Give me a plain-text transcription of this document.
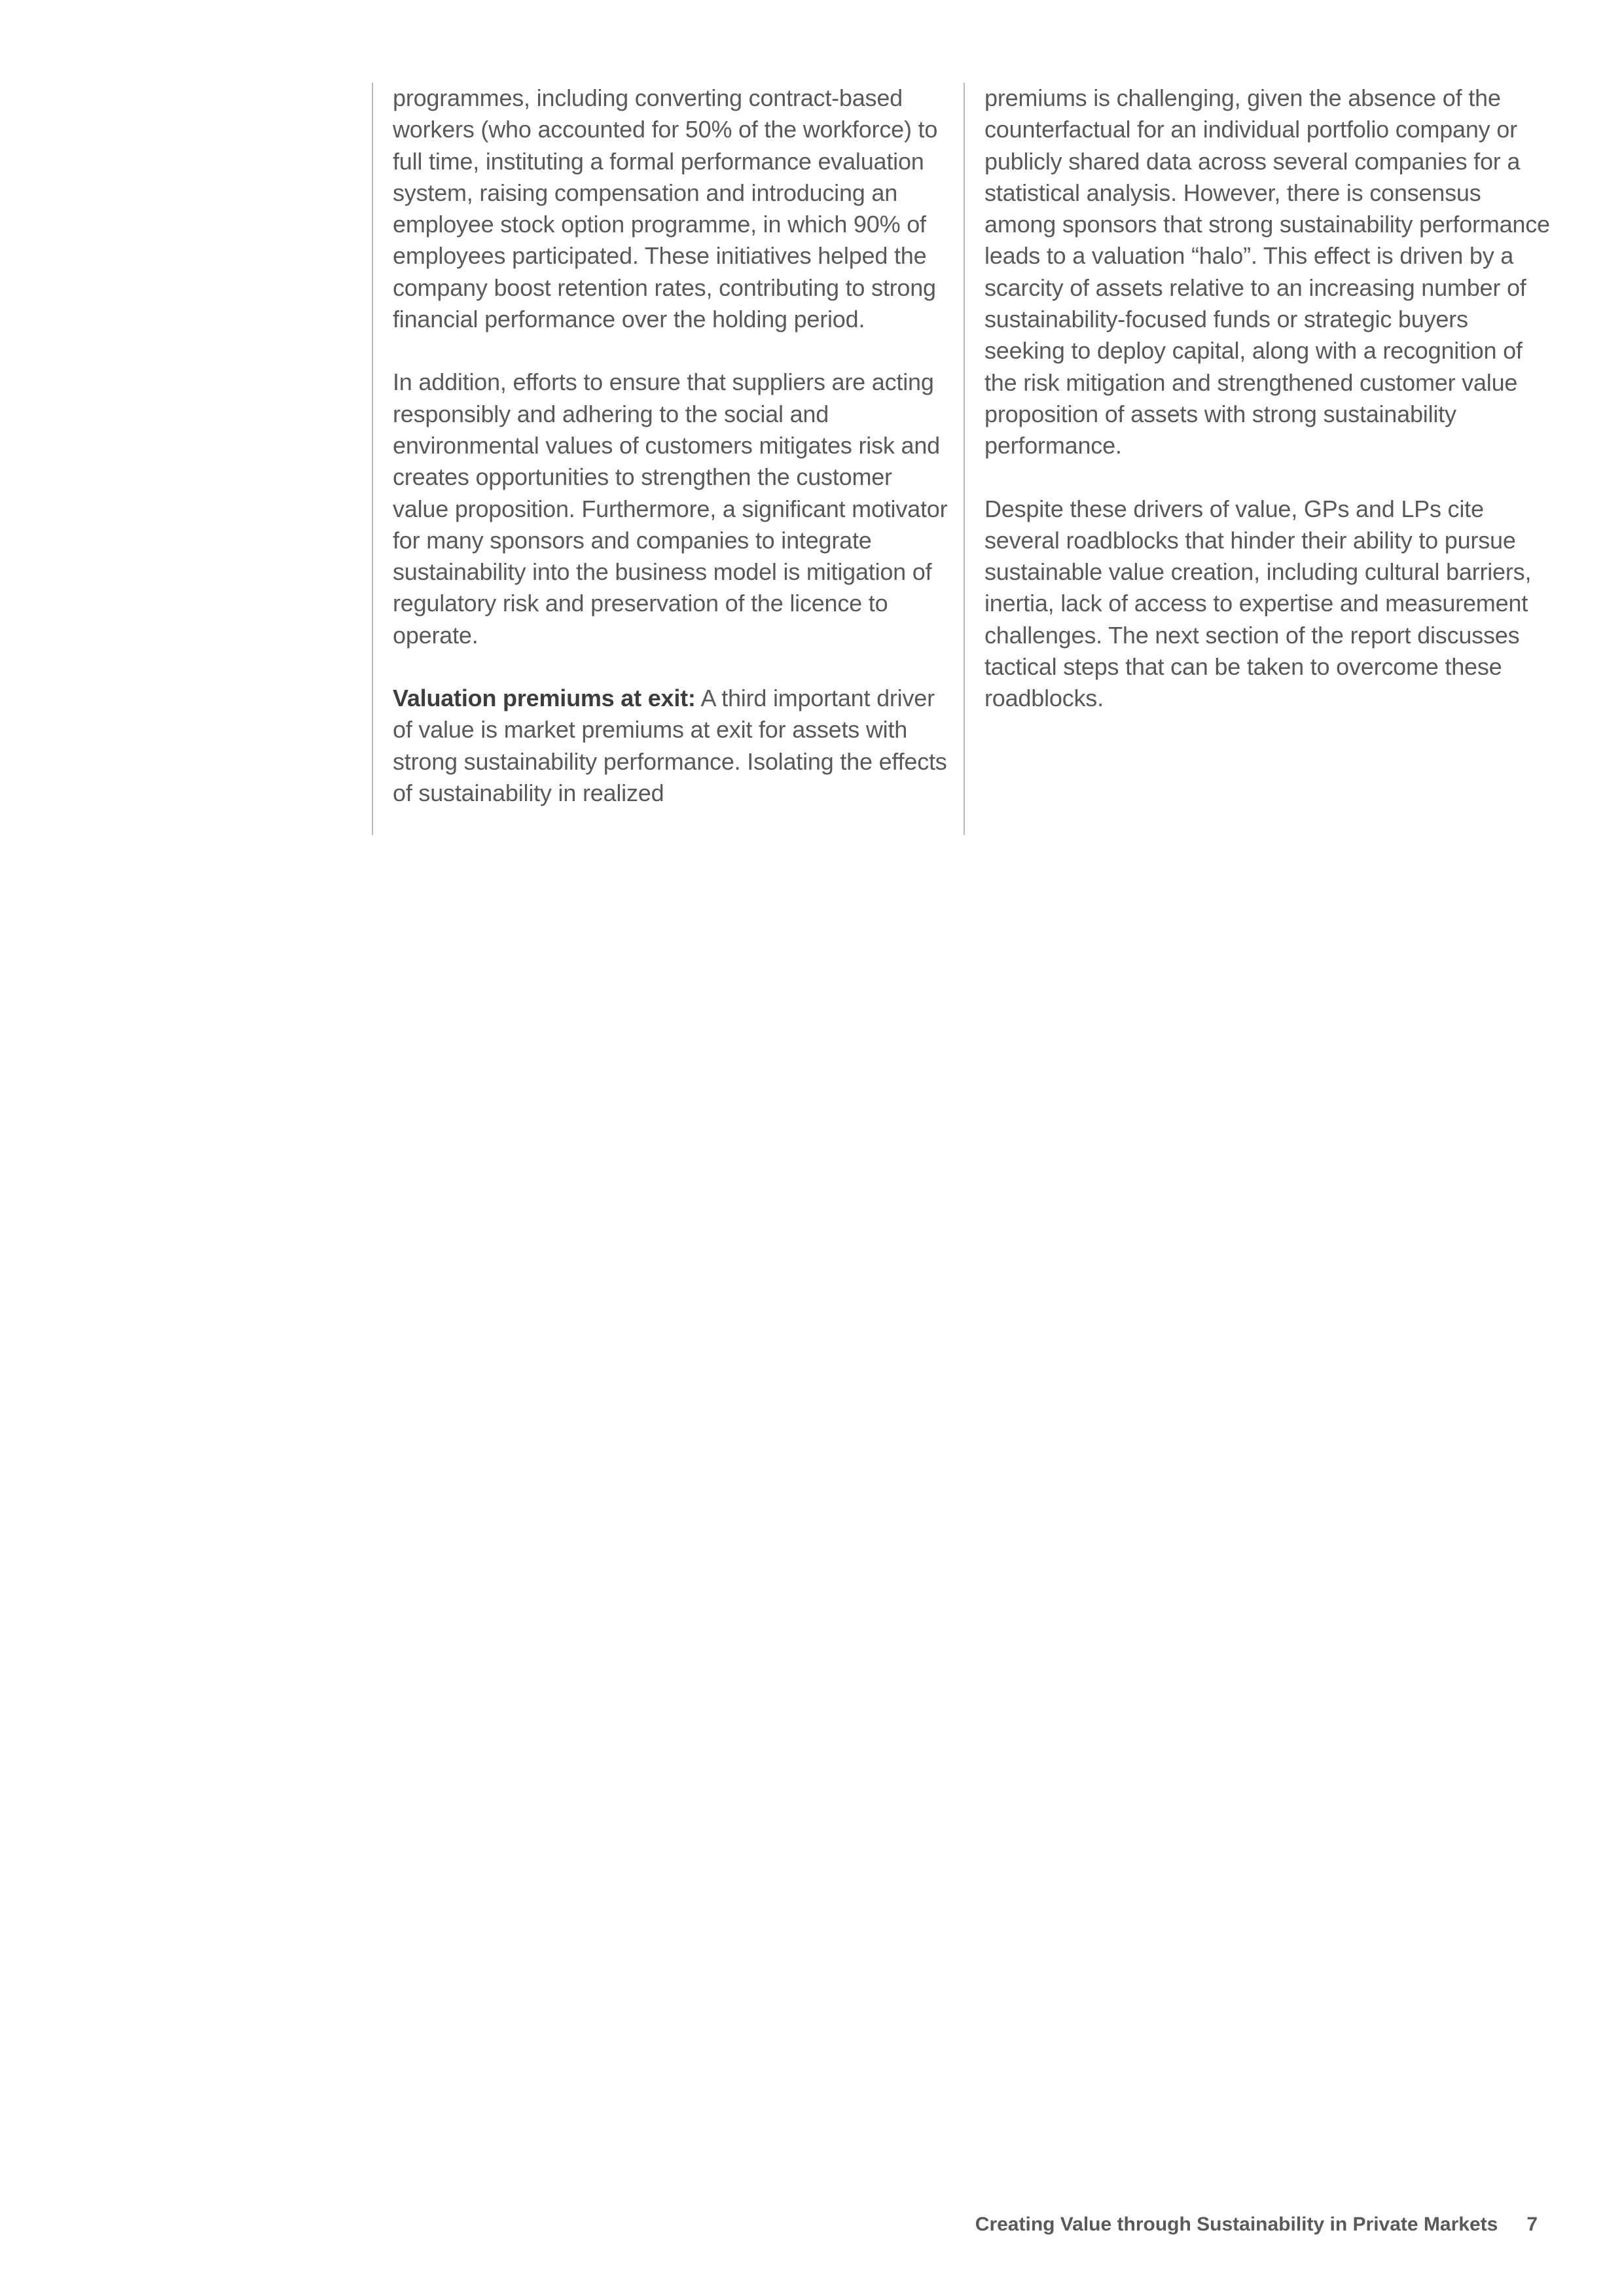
programmes, including converting contract-based workers (who accounted for 50% of the workforce) to full time, instituting a formal performance evaluation system, raising compensation and introducing an employee stock option programme, in which 90% of employees participated. These initiatives helped the company boost retention rates, contributing to strong financial performance over the holding period.

In addition, efforts to ensure that suppliers are acting responsibly and adhering to the social and environmental values of customers mitigates risk and creates opportunities to strengthen the customer value proposition. Furthermore, a significant motivator for many sponsors and companies to integrate sustainability into the business model is mitigation of regulatory risk and preservation of the licence to operate.

Valuation premiums at exit: A third important driver of value is market premiums at exit for assets with strong sustainability performance. Isolating the effects of sustainability in realized

premiums is challenging, given the absence of the counterfactual for an individual portfolio company or publicly shared data across several companies for a statistical analysis. However, there is consensus among sponsors that strong sustainability performance leads to a valuation “halo”. This effect is driven by a scarcity of assets relative to an increasing number of sustainability-focused funds or strategic buyers seeking to deploy capital, along with a recognition of the risk mitigation and strengthened customer value proposition of assets with strong sustainability performance.

Despite these drivers of value, GPs and LPs cite several roadblocks that hinder their ability to pursue sustainable value creation, including cultural barriers, inertia, lack of access to expertise and measurement challenges. The next section of the report discusses tactical steps that can be taken to overcome these roadblocks.

Creating Value through Sustainability in Private Markets 7
